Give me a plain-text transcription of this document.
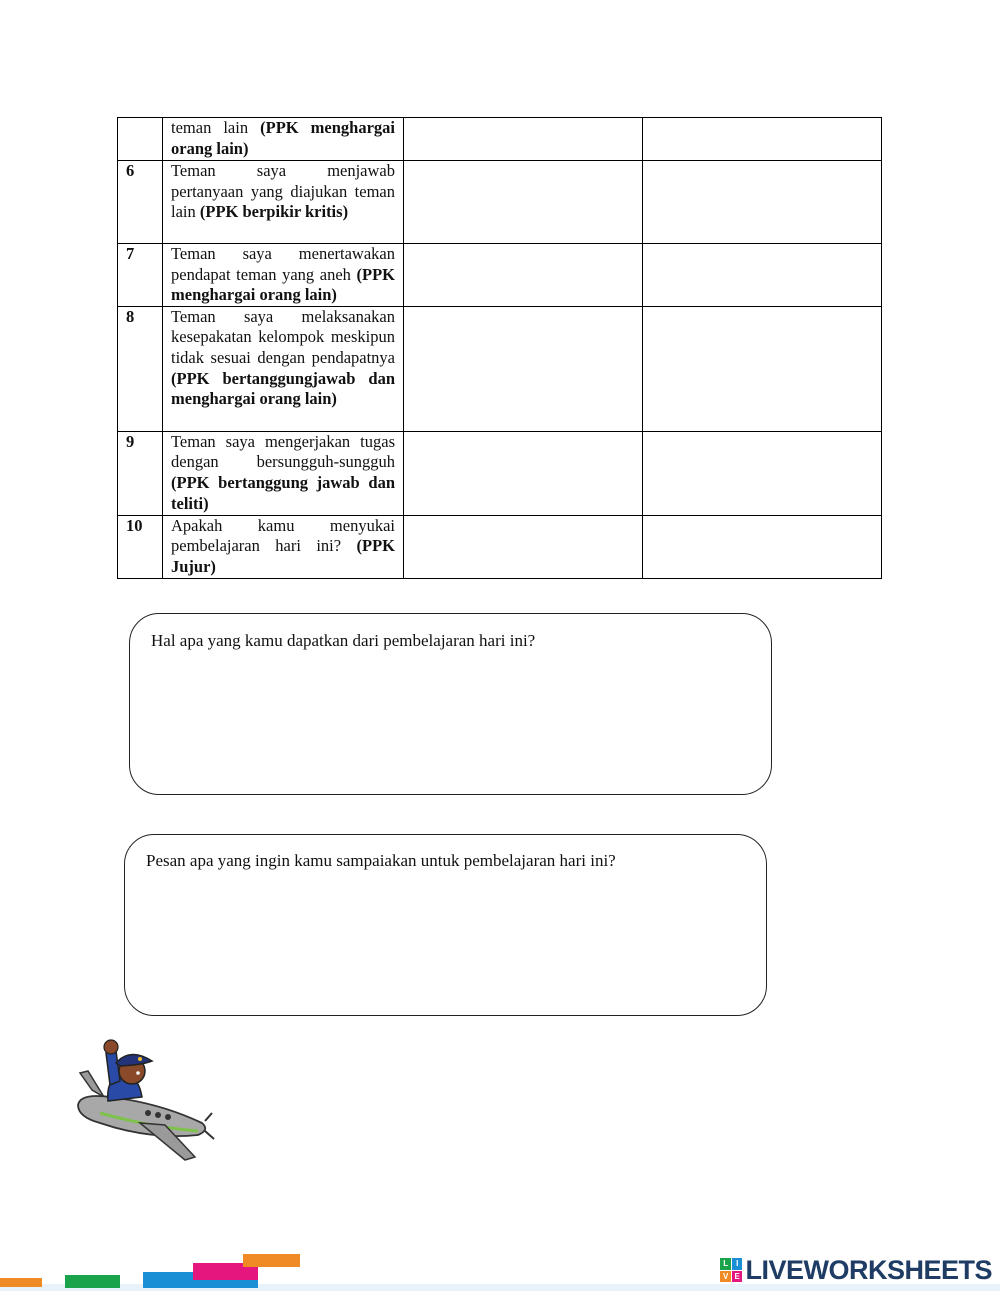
	teman lain (PPK menghargai orang lain)		
6	Teman saya menjawab pertanyaan yang diajukan teman lain (PPK berpikir kritis)		
7	Teman saya menertawakan pendapat teman yang aneh (PPK menghargai orang lain)		
8	Teman saya melaksanakan kesepakatan kelompok meskipun tidak sesuai dengan pendapatnya (PPK bertanggungjawab dan menghargai orang lain)		
9	Teman saya mengerjakan tugas dengan bersungguh-sungguh (PPK bertanggung jawab dan teliti)		
10	Apakah kamu menyukai pembelajaran hari ini? (PPK Jujur)		
Hal apa yang kamu dapatkan dari pembelajaran hari ini?
Pesan apa yang ingin kamu sampaiakan untuk pembelajaran hari ini?
L I
V E LIVEWORKSHEETS
